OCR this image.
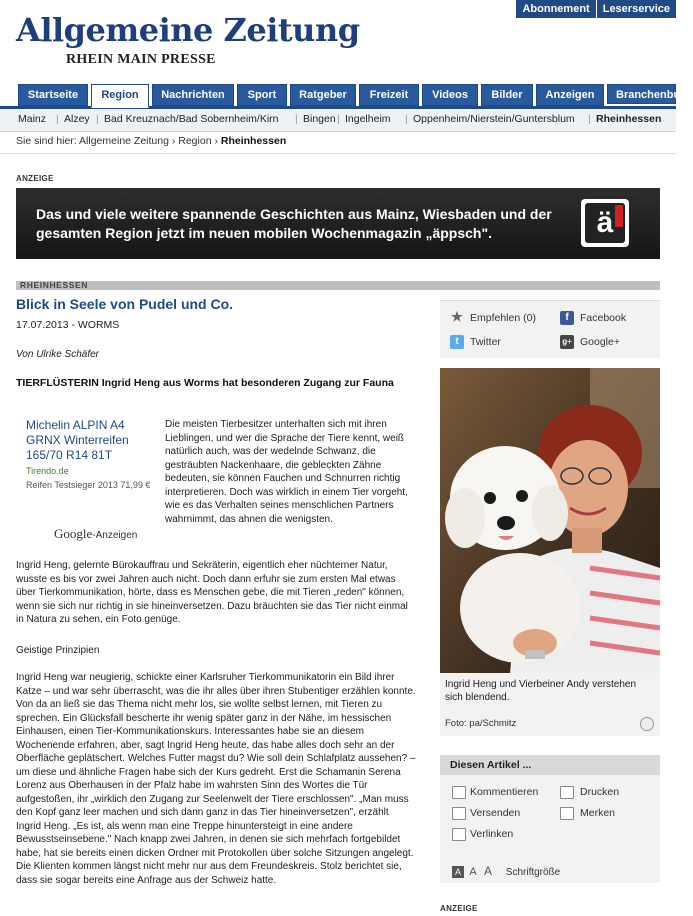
Allgemeine Zeitung
RHEIN MAIN PRESSE
Abonnement	Leserservice
Startseite	Region	Nachrichten	Sport	Ratgeber	Freizeit	Videos	Bilder	Anzeigen	Branchenbuch
Mainz | Alzey | Bad Kreuznach/Bad Sobernheim/Kirn | Bingen | Ingelheim | Oppenheim/Nierstein/Guntersblum | Rheinhessen
Sie sind hier: Allgemeine Zeitung › Region › Rheinhessen
ANZEIGE
Das und viele weitere spannende Geschichten aus Mainz, Wiesbaden und der gesamten Region jetzt im neuen mobilen Wochenmagazin „äppsch".	ä
RHEINHESSEN
Blick in Seele von Pudel und Co.
17.07.2013 - WORMS
Von Ulrike Schäfer
TIERFLÜSTERIN Ingrid Heng aus Worms hat besonderen Zugang zur Fauna
Michelin ALPIN A4 GRNX Winterreifen 165/70 R14 81T
Tirendo.de
Reifen Testsieger 2013 71,99 €
Google-Anzeigen
Die meisten Tierbesitzer unterhalten sich mit ihren Lieblingen, und wer die Sprache der Tiere kennt, weiß natürlich auch, was der wedelnde Schwanz, die gesträubten Nackenhaare, die gebleckten Zähne bedeuten, sie können Fauchen und Schnurren richtig interpretieren. Doch was wirklich in einem Tier vorgeht, wie es das Verhalten seines menschlichen Partners wahrnimmt, das ahnen die wenigsten.
Ingrid Heng, gelernte Bürokauffrau und Sekräterin, eigentlich eher nüchterner Natur, wusste es bis vor zwei Jahren auch nicht. Doch dann erfuhr sie zum ersten Mal etwas über Tierkommunikation, hörte, dass es Menschen gebe, die mit Tieren „reden" können, wenn sie sich nur richtig in sie hineinversetzen. Dazu bräuchten sie das Tier nicht einmal in Natura zu sehen, ein Foto genüge.
Geistige Prinzipien
Ingrid Heng war neugierig, schickte einer Karlsruher Tierkommunikatorin ein Bild ihrer Katze – und war sehr überrascht, was die ihr alles über ihren Stubentiger erzählen konnte. Von da an ließ sie das Thema nicht mehr los, sie wollte selbst lernen, mit Tieren zu sprechen. Ein Glücksfall bescherte ihr wenig später ganz in der Nähe, im hessischen Einhausen, einen Tier-Kommunikationskurs. Interessantes habe sie an diesem Wochenende erfahren, aber, sagt Ingrid Heng heute, das habe alles doch sehr an der Oberfläche geplätschert. Welches Futter magst du? Wie soll dein Schlafplatz aussehen? – um diese und ähnliche Fragen habe sich der Kurs gedreht. Erst die Schamanin Serena Lorenz aus Oberhausen in der Pfalz habe im wahrsten Sinn des Wortes die Tür aufgestoßen, ihr „wirklich den Zugang zur Seelenwelt der Tiere erschlossen". „Man muss den Kopf ganz leer machen und sich dann ganz in das Tier hineinversetzen", erzählt Ingrid Heng. „Es ist, als wenn man eine Treppe hinuntersteigt in eine andere Bewusstseinsebene." Nach knapp zwei Jahren, in denen sie sich mehrfach fortgebildet habe, hat sie bereits einen dicken Ordner mit Protokollen über solche Sitzungen angelegt. Die Klienten kommen längst nicht mehr nur aus dem Freundeskreis. Stolz berichtet sie, dass sie sogar bereits eine Anfrage aus der Schweiz hatte.
★ Empfehlen (0)	f	Facebook
t	Twitter	g+ Google+
Ingrid Heng und Vierbeiner Andy verstehen sich blendend.
Foto: pa/Schmitz
Diesen Artikel ...
Kommentieren	Drucken
Versenden	Merken
Verlinken
A A A Schriftgröße
ANZEIGE
